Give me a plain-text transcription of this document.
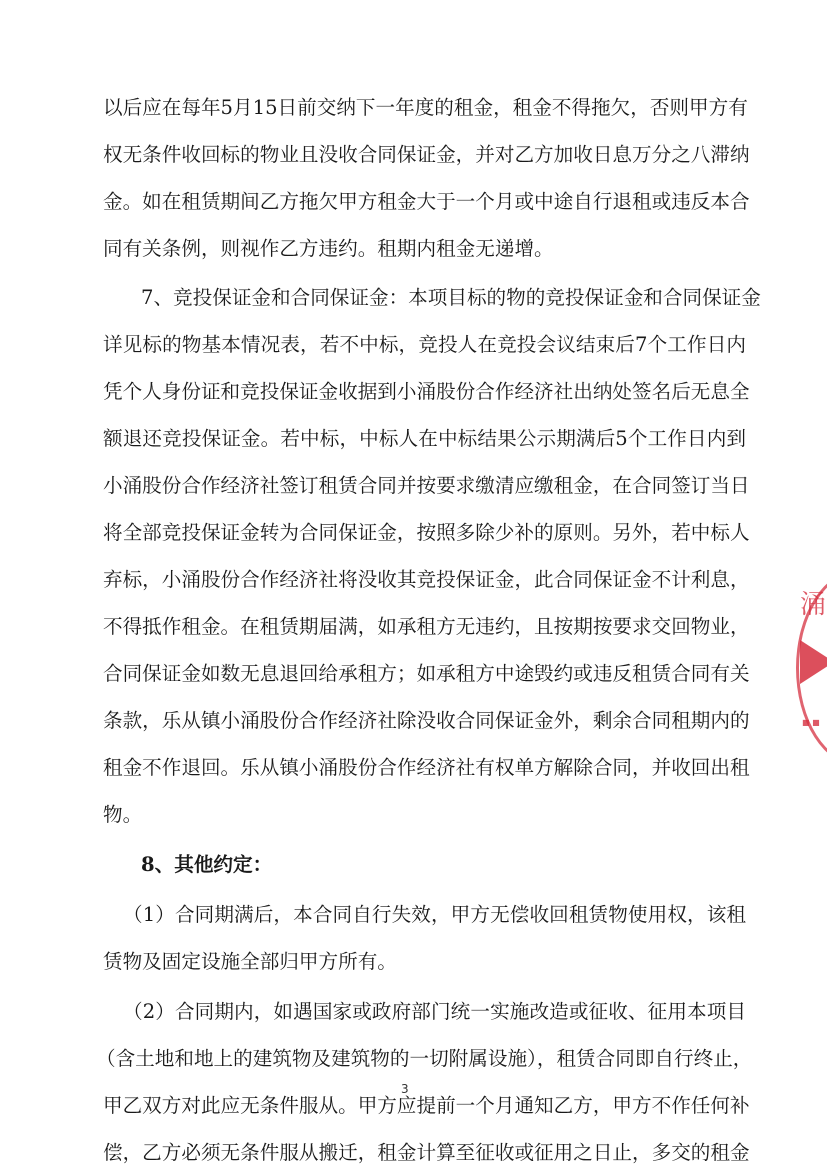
以后应在每年5月15日前交纳下一年度的租金，租金不得拖欠，否则甲方有
权无条件收回标的物业且没收合同保证金，并对乙方加收日息万分之八滞纳
金。如在租赁期间乙方拖欠甲方租金大于一个月或中途自行退租或违反本合
同有关条例，则视作乙方违约。租期内租金无递增。
7、竞投保证金和合同保证金：本项目标的物的竞投保证金和合同保证金
详见标的物基本情况表，若不中标，竞投人在竞投会议结束后7个工作日内
凭个人身份证和竞投保证金收据到小涌股份合作经济社出纳处签名后无息全
额退还竞投保证金。若中标，中标人在中标结果公示期满后5个工作日内到
小涌股份合作经济社签订租赁合同并按要求缴清应缴租金，在合同签订当日
将全部竞投保证金转为合同保证金，按照多除少补的原则。另外，若中标人
弃标，小涌股份合作经济社将没收其竞投保证金，此合同保证金不计利息，
不得抵作租金。在租赁期届满，如承租方无违约，且按期按要求交回物业，
合同保证金如数无息退回给承租方；如承租方中途毁约或违反租赁合同有关
条款，乐从镇小涌股份合作经济社除没收合同保证金外，剩余合同租期内的
租金不作退回。乐从镇小涌股份合作经济社有权单方解除合同，并收回出租
物。
8、其他约定：
（1）合同期满后，本合同自行失效，甲方无偿收回租赁物使用权，该租
赁物及固定设施全部归甲方所有。
（2）合同期内，如遇国家或政府部门统一实施改造或征收、征用本项目
（含土地和地上的建筑物及建筑物的一切附属设施），租赁合同即自行终止，
甲乙双方对此应无条件服从。甲方应提前一个月通知乙方，甲方不作任何补
偿，乙方必须无条件服从搬迁，租金计算至征收或征用之日止，多交的租金
3
涌
■ ■
